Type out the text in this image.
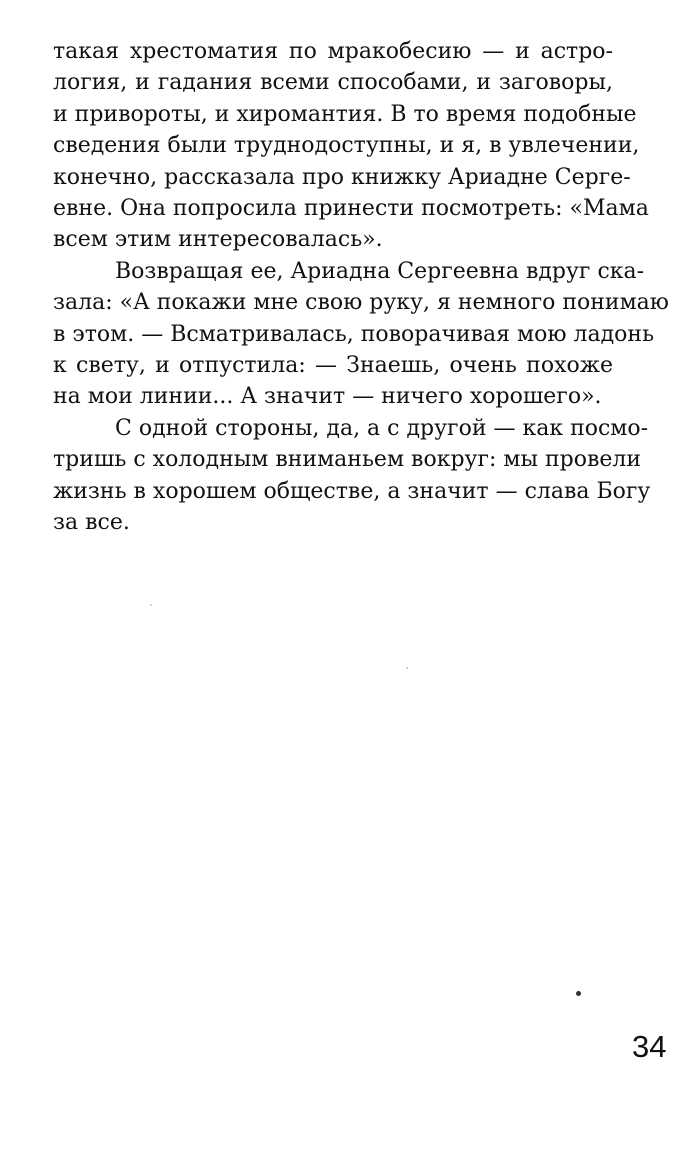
такая хрестоматия по мракобесию — и астро-
логия, и гадания всеми способами, и заговоры,
и привороты, и хиромантия. В то время подобные
сведения были труднодоступны, и я, в увлечении,
конечно, рассказала про книжку Ариадне Серге-
евне. Она попросила принести посмотреть: «Мама
всем этим интересовалась».

Возвращая ее, Ариадна Сергеевна вдруг ска-
зала: «А покажи мне свою руку, я немного понимаю
в этом. — Всматривалась, поворачивая мою ладонь
к свету, и отпустила: — Знаешь, очень похоже
на мои линии... А значит — ничего хорошего».

С одной стороны, да, а с другой — как посмо-
тришь с холодным вниманьем вокруг: мы провели
жизнь в хорошем обществе, а значит — слава Богу
за все.

34
